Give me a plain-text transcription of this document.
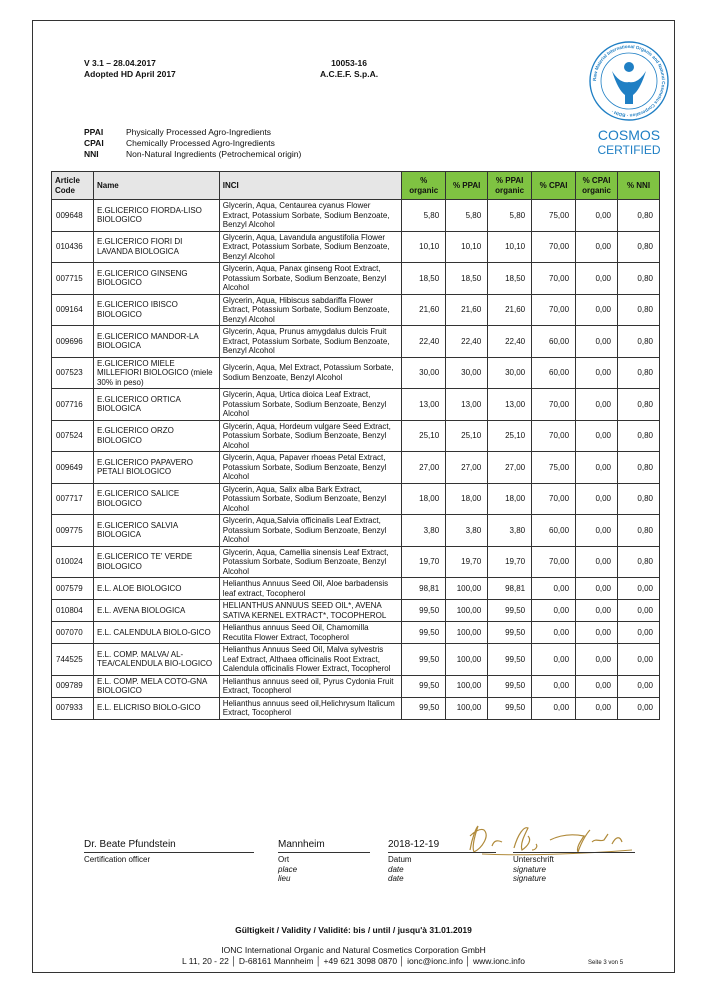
V 3.1 – 28.04.2017
Adopted HD April 2017
10053-16
A.C.E.F. S.p.A.
Raw Material International Organic and Natural Cosmetics Corporation · BDIH ·
COSMOS
CERTIFIED
PPAI	Physically Processed Agro-Ingredients
CPAI	Chemically Processed Agro-Ingredients
NNI	Non-Natural Ingredients (Petrochemical origin)
Article Code	Name	INCI	% organic	% PPAI	% PPAI organic	% CPAI	% CPAI organic	% NNI
009648	E.GLICERICO FIORDA-LISO BIOLOGICO	Glycerin, Aqua, Centaurea cyanus Flower Extract, Potassium Sorbate, Sodium Benzoate, Benzyl Alcohol	5,80	5,80	5,80	75,00	0,00	0,80
010436	E.GLICERICO FIORI DI LAVANDA BIOLOGICA	Glycerin, Aqua, Lavandula angustifolia Flower Extract, Potassium Sorbate, Sodium Benzoate, Benzyl Alcohol	10,10	10,10	10,10	70,00	0,00	0,80
007715	E.GLICERICO GINSENG BIOLOGICO	Glycerin, Aqua, Panax ginseng Root Extract, Potassium Sorbate, Sodium Benzoate, Benzyl Alcohol	18,50	18,50	18,50	70,00	0,00	0,80
009164	E.GLICERICO IBISCO BIOLOGICO	Glycerin, Aqua, Hibiscus sabdariffa Flower Extract, Potassium Sorbate, Sodium Benzoate, Benzyl Alcohol	21,60	21,60	21,60	70,00	0,00	0,80
009696	E.GLICERICO MANDOR-LA BIOLOGICA	Glycerin, Aqua, Prunus amygdalus dulcis Fruit Extract, Potassium Sorbate, Sodium Benzoate, Benzyl Alcohol	22,40	22,40	22,40	60,00	0,00	0,80
007523	E.GLICERICO MIELE MILLEFIORI BIOLOGICO (miele 30% in peso)	Glycerin, Aqua, Mel Extract, Potassium Sorbate, Sodium Benzoate, Benzyl Alcohol	30,00	30,00	30,00	60,00	0,00	0,80
007716	E.GLICERICO ORTICA BIOLOGICA	Glycerin, Aqua, Urtica dioica Leaf Extract, Potassium Sorbate, Sodium Benzoate, Benzyl Alcohol	13,00	13,00	13,00	70,00	0,00	0,80
007524	E.GLICERICO ORZO BIOLOGICO	Glycerin, Aqua, Hordeum vulgare Seed Extract, Potassium Sorbate, Sodium Benzoate, Benzyl Alcohol	25,10	25,10	25,10	70,00	0,00	0,80
009649	E.GLICERICO PAPAVERO PETALI BIOLOGICO	Glycerin, Aqua, Papaver rhoeas Petal Extract, Potassium Sorbate, Sodium Benzoate, Benzyl Alcohol	27,00	27,00	27,00	75,00	0,00	0,80
007717	E.GLICERICO SALICE BIOLOGICO	Glycerin, Aqua, Salix alba Bark Extract, Potassium Sorbate, Sodium Benzoate, Benzyl Alcohol	18,00	18,00	18,00	70,00	0,00	0,80
009775	E.GLICERICO SALVIA BIOLOGICA	Glycerin, Aqua,Salvia officinalis Leaf Extract, Potassium Sorbate, Sodium Benzoate, Benzyl Alcohol	3,80	3,80	3,80	60,00	0,00	0,80
010024	E.GLICERICO TE' VERDE BIOLOGICO	Glycerin, Aqua, Camellia sinensis Leaf Extract, Potassium Sorbate, Sodium Benzoate, Benzyl Alcohol	19,70	19,70	19,70	70,00	0,00	0,80
007579	E.L. ALOE BIOLOGICO	Helianthus Annuus Seed Oil, Aloe barbadensis leaf extract, Tocopherol	98,81	100,00	98,81	0,00	0,00	0,00
010804	E.L. AVENA BIOLOGICA	HELIANTHUS ANNUUS SEED OIL*, AVENA SATIVA KERNEL EXTRACT*, TOCOPHEROL	99,50	100,00	99,50	0,00	0,00	0,00
007070	E.L. CALENDULA BIOLO-GICO	Helianthus annuus Seed Oil, Chamomilla Recutita Flower Extract, Tocopherol	99,50	100,00	99,50	0,00	0,00	0,00
744525	E.L. COMP. MALVA/ AL-TEA/CALENDULA BIO-LOGICO	Helianthus Annuus Seed Oil, Malva sylvestris Leaf Extract, Althaea officinalis Root Extract, Calendula officinalis Flower Extract, Tocopherol	99,50	100,00	99,50	0,00	0,00	0,00
009789	E.L. COMP. MELA COTO-GNA BIOLOGICO	Helianthus annuus seed oil, Pyrus Cydonia Fruit Extract, Tocopherol	99,50	100,00	99,50	0,00	0,00	0,00
007933	E.L. ELICRISO BIOLO-GICO	Helianthus annuus seed oil,Helichrysum Italicum Extract, Tocopherol	99,50	100,00	99,50	0,00	0,00	0,00
Dr. Beate Pfundstein	Mannheim	2018-12-19
Certification officer	Ort
place
lieu
Datum
date
date
Unterschrift
signature
signature
Gültigkeit / Validity / Validité: bis / until / jusqu'à 31.01.2019
IONC International Organic and Natural Cosmetics Corporation GmbH
L 11, 20 - 22 │ D-68161 Mannheim │ +49 621 3098 0870 │ ionc@ionc.info │ www.ionc.info	Seite 3 von 5
